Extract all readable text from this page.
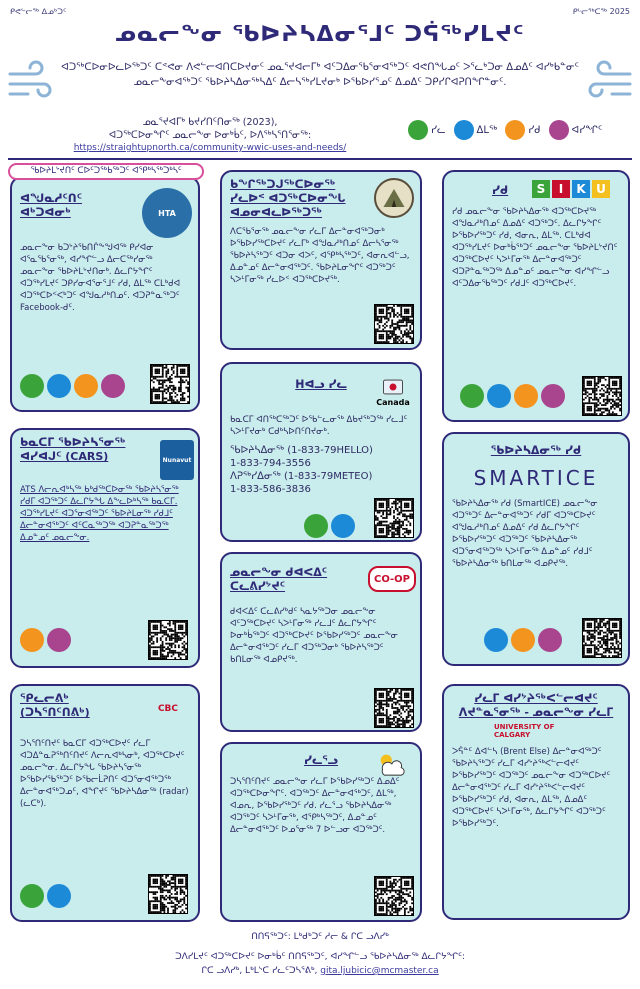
ᑭᕙᓪᓕᖅ ᐃᓄᒃᑐᑦ	ᑭᒡᓕᖅᑕᖅ 2025
ᓄᓇᓕᖕᓂ ᖃᐅᔨᓴᐃᓂᕐᒧᑦ ᑐᕌᖅᓯᒪᔪᑦ
ᐊᑐᖅᑕᐅᓂᐅᓚᐅᖅᑐᑦ ᑕᕝᕙᓂ ᐱᕙᓪᓕᐊᑎᑕᐅᔪᓂᑦ ᓄᓇᕐᔪᐊᓕᒥᒃ ᐊᑦᑐᐃᓂᖃᕐᓂᐊᖅᑐᑦ ᐊᕙᑎᖓᓄᑦ ᐳᕐᓚᒃᑐᓂ ᐃᓄᐃᑦ ᐊᓯᒃᑲᓐᓂᑦ ᓄᓇᓕᖕᓂᐊᖅᑐᑦ ᖃᐅᔨᓴᐃᓂᖅᓴᐃᑦ ᐃᓕᓴᖅᓯᒪᔪᓂᒃ ᐅᖃᐅᓯᕐᓄᑦ ᐃᓄᐃᑦ ᑐᑭᓯᒋᐊᕈᑎᖏᓐᓂᑦ.
ᓄᓇᕐᔪᐊᒥᒃ ᑲᔪᓯᑎᑦᑎᓂᖅ (2023),
ᐊᑐᖅᑕᐅᓂᖏᑦ ᓄᓇᓕᖕᓂ ᐅᓂᒃᑳᑦ, ᐅᐱᖅᓴᕐᑎᕐᓂᖅ:
https://straightupnorth.ca/community-wwic-uses-and-needs/
ᓯᓚ	ᐃᒪᖅ	ᓯᑯ	ᐊᓯᖏᑦ
ᖃᐅᔨᒪᔾᔪᑎᑦ ᑕᐅᑦᑐᖅᑲᖅᑐᑦ ᐊᕿᒃᓴᖅᑐᒃᓴᑦ
ᐊᖑᓇᓱᑦᑎᑦ ᐊᒃᑐᐊᓂᒃ	HTA
ᓄᓇᓕᖕᓂ ᑲᑐᔾᔨᖃᑎᒌᖕᖑᐊᖅ ᑭᓯᐊᓂ ᐊᕐᓇᖃᕐᓂᖅ, ᐊᓯᖏᓪᓗ ᐃᓕᑕᖅᓯᓂᖅ ᓄᓇᓕᖕᓂ ᖃᐅᔨᒪᔾᔪᑎᓂᒃ. ᐃᓚᒋᔭᖏᑦ ᐊᑐᖅᓯᒪᔪᑦ ᑐᑭᓯᓂᐊᕐᓂᕐᒧᑦ ᓯᑯ, ᐃᒪᖅ ᑕᒪᒃᑯᐊ ᐊᑐᖅᑕᐅᑉᐸᒃᑐᑦ ᐊᖑᓇᓱᒃᑎᓄᑦ. ᐊᑐᕈᓐᓇᖅᑐᑦ Facebook-ᑯᑦ.
ᑲᓇᑕᒥ ᖃᐅᔨᓴᕐᓂᖅ ᐊᓯᐊᒍᑦ (CARS)	Nunavut
ATS ᐱᓕᕆᐊᒃᓴᖅ ᑲᒃᑯᖅᑕᐅᓂᖅ ᖃᐅᔨᓴᕐᓂᖅ ᓯᑯᒥ ᐊᑐᖅᑐᑦ ᐃᓚᒋᔭᖓ ᐃᖕᓚᐅᒃᓴᖅ ᑲᓇᑕᒥ. ᐊᑐᖅᓯᒪᔪᑦ ᐊᑐᕐᓂᐊᖅᑐᑦ ᖃᐅᔨᒪᓂᖅ ᓯᑯᒧᑦ ᐃᓕᓐᓂᐊᖅᑐᑦ ᐊᑦᑕᓇᖅᑐᖅ ᐊᑐᕈᓐᓇᖅᑐᖅ ᐃᓄᓐᓄᑦ ᓄᓇᓕᖕᓂ.
ᕿᓚᓕᕕᒃ (ᑐᓴᕐᑎᑦᑎᕕᒃ)	CBC
ᑐᓴᕐᑎᑦᑎᔪᑦ ᑲᓇᑕᒥ ᐊᑐᖅᑕᐅᔪᑦ ᓯᓚᒥ ᐊᑐᐃᓐᓇᕈᖅᑎᑦᑎᔪᑦ ᐱᓕᕆᐊᒃᓴᓂᒃ, ᐊᑐᖅᑕᐅᔪᑦ ᓄᓇᓕᖕᓂ. ᐃᓚᒋᔭᖓ ᖃᐅᔨᓴᕐᓂᖅ ᐅᖃᐅᓯᖃᖅᑐᑦ ᐅᖃᓕᒫᕈᑎᑦ ᐊᑐᕐᓂᐊᖅᑐᖅ ᐃᓕᓐᓂᐊᖅᑐᓄᑦ, ᐊᖏᔪᑦ ᖃᐅᔨᓴᐃᓂᖅ (radar) (ᓚᑕᒃ).
ᑲᖏᖅᑐᒍᖅᑕᐅᓂᖅ ᓯᓚᐅᑉ ᐊᑐᖅᑕᐅᓂᖓ ᐊᓄᓂᐊᓚᐅᖅᑐᖅ
ᐱᑕᖃᕐᓂᖅ ᓄᓇᓕᖕᓂ ᓯᓚᒥ ᐃᓕᓐᓂᐊᖅᑐᓂᒃ ᐅᖃᐅᓯᖅᑕᐅᔪᑦ ᓯᓚᒥᒃ ᐊᖑᓇᓱᒃᑎᓄᑦ ᐃᓕᓴᕐᓂᖅ ᖃᐅᔨᓴᖅᑐᑦ ᐊᑐᓂ ᐊᐳᑦ, ᐊᕿᒃᓴᖅᑐᑦ, ᐊᓂᕆᐊᓪᓗ, ᐃᓄᓐᓄᑦ ᐃᓕᓐᓂᐊᖅᑐᑦ. ᖃᐅᔨᒪᓂᖏᑦ ᐊᑐᖅᑐᑦ ᓴᐳᒻᒥᓂᖅ ᓯᓚᐅᑉ ᐊᑐᖅᑕᐅᔪᖅ.
ᕼᐊᓗ ᓯᓚ
Canada
ᑲᓇᑕᒥ ᐊᑎᖅᑕᖅᑐᑦ ᐅᖃᓪᓚᓂᖅ ᐃᑲᔪᖅᑐᖅ ᓯᓚᒧᑦ ᓴᐳᒻᒥᔪᓂᒃ ᑕᑯᒃᓴᐅᑎᑦᑎᔪᓂᒃ.
ᖃᐅᔨᓴᐃᓂᖅ (1-833-79HELLO)
1-833-794-3556
ᐱᕈᖅᓯᐃᓂᖅ (1-833-79METEO)
1-833-586-3836
ᓄᓇᓕᖕᓂ ᑯᐊᐸᐃᑦ ᑕᓚᕕᓯᔾᔪᑦ
CO-OP
ᑯᐊᐸᐃᑦ ᑕᓚᕕᓯᒃᑯᑦ ᓴᓇᔭᖅᑐᓂ ᓄᓇᓕᖕᓂ ᐊᑦᑐᖅᑕᐅᔪᑦ ᓴᐳᒻᒥᓂᖅ ᓯᓚᒧᑦ ᐃᓚᒋᔭᖏᑦ ᐅᓂᒃᑳᖅᑐᑦ ᐊᑐᖅᑕᐅᔪᑦ ᐅᖃᐅᓯᖅᑐᑦ ᓄᓇᓕᖕᓂ ᐃᓕᓐᓂᐊᖅᑐᑦ ᓯᓚᒥ ᐊᑐᖅᑐᓂᒃ ᖃᐅᔨᓴᖅᑐᑦ ᑲᑎᒪᓂᖅ ᐊᓄᑭᔪᖅ.
ᓯᓚᕐᓗ
ᑐᓴᕐᑎᑦᑎᔪᑦ ᓄᓇᓕᖕᓂ ᓯᓚᒥ ᐅᖃᐅᓯᖅᑐᑦ ᐃᓄᐃᑦ ᐊᑐᖅᑕᐅᓂᖏᑦ. ᐊᑐᖅᑐᑦ ᐃᓕᓐᓂᐊᖅᑐᑦ, ᐃᒪᖅ, ᐊᓄᕆ, ᐅᖃᐅᓯᖅᑐᑦ ᓯᑯ. ᓯᓚᕐᓗ ᖃᐅᔨᓴᐃᓂᖅ ᐊᑐᖅᑐᑦ ᓴᐳᒻᒥᓂᖅ, ᐊᕿᒃᓴᖅᑐᑦ, ᐃᓄᓐᓄᑦ ᐃᓕᓐᓂᐊᖅᑐᑦ ᐅᓄᕐᓂᖅ 7 ᐅᓪᓗᓂ ᐊᑐᖅᑐᑦ.
ᓯᑯ	S	I	K U
ᓯᑯ ᓄᓇᓕᖕᓂ ᖃᐅᔨᓴᐃᓂᖅ ᐊᑐᖅᑕᐅᔪᖅ ᐊᖑᓇᓱᒃᑎᓄᑦ ᐃᓄᐃᑦ ᐊᑐᖅᑐᑦ. ᐃᓚᒋᔭᖏᑦ ᐅᖃᐅᓯᖅᑐᑦ ᓯᑯ, ᐊᓂᕆ, ᐃᒪᖅ. ᑕᒪᒃᑯᐊ ᐊᑐᖅᓯᒪᔪᑦ ᐅᓂᒃᑳᖅᑐᑦ ᓄᓇᓕᖕᓂ ᖃᐅᔨᒪᔾᔪᑎᑦ ᐊᑐᖅᑕᐅᔪᑦ ᓴᐳᒻᒥᓂᖅ ᐃᓕᓐᓂᐊᖅᑐᑦ ᐊᑐᕈᓐᓇᖅᑐᖅ ᐃᓄᓐᓄᑦ ᓄᓇᓕᖕᓂ ᐊᓯᖏᓪᓗ ᐊᑦᑐᐃᓂᖃᖅᑐᑦ ᓯᑯᒧᑦ ᐊᑐᖅᑕᐅᔪᑦ.
ᖃᐅᔨᓴᐃᓂᖅ ᓯᑯ
SMARTICE
ᖃᐅᔨᓴᐃᓂᖅ ᓯᑯ (SmartICE) ᓄᓇᓕᖕᓂ ᐊᑐᖅᑐᑦ ᐃᓕᓐᓂᐊᖅᑐᑦ ᓯᑯᒥ ᐊᑐᖅᑕᐅᔪᑦ ᐊᖑᓇᓱᒃᑎᓄᑦ ᐃᓄᐃᑦ ᓯᑯ ᐃᓚᒋᔭᖏᑦ ᐅᖃᐅᓯᖅᑐᑦ ᐊᑐᖅᑐᑦ ᖃᐅᔨᓴᐃᓂᖅ ᐊᑐᕐᓂᐊᖅᑐᖅ ᓴᐳᒻᒥᓂᖅ ᐃᓄᓐᓄᑦ ᓯᑯᒧᑦ ᖃᐅᔨᓴᐃᓂᖅ ᑲᑎᒪᓂᖅ ᐊᓄᑭᔪᖅ.
ᓯᓚᒥ ᐊᓯᔾᔨᖅᐸᓪᓕᐊᔪᑦ ᐱᔪᓐᓇᕐᓂᖅ - ᓄᓇᓕᖕᓂ ᓯᓚᒥ
UNIVERSITY OF CALGARY
ᐳᕌᓐᑦ ᐃᐊᓪᓴ (Brent Else) ᐃᓕᓐᓂᐊᖅᑐᑦ ᖃᐅᔨᓴᖅᑐᑦ ᓯᓚᒥ ᐊᓯᔾᔨᖅᐸᓪᓕᐊᔪᑦ ᐅᖃᐅᓯᖅᑐᑦ ᐊᑐᖅᑐᑦ ᓄᓇᓕᖕᓂ ᐊᑐᖅᑕᐅᔪᑦ ᐃᓕᓐᓂᐊᖅᑐᑦ ᓯᓚᒥ ᐊᓯᔾᔨᖅᐸᓪᓕᐊᔪᑦ ᐅᖃᐅᓯᖅᑐᑦ ᓯᑯ, ᐊᓂᕆ, ᐃᒪᖅ, ᐃᓄᐃᑦ ᐊᑐᖅᑕᐅᔪᑦ ᓴᐳᒻᒥᓂᖅ, ᐃᓚᒋᔭᖏᑦ ᐊᑐᖅᑐᑦ ᐅᖃᐅᓯᖅᑐᑦ.
ᑎᑎᕋᖅᑐᑦ: ᒪᒃᑯᒃᑐᑦ ᓱᓕ & ᒋᑕ ᓗᐱᓯᒃ
ᑐᐱᓯᒪᔪᑦ ᐊᑐᖅᑕᐅᔪᑦ ᐅᓂᒃᑳᑦ ᑎᑎᕋᖅᑐᑦ, ᐊᓯᖏᓪᓗ ᖃᐅᔨᓴᐃᓂᖅ ᐃᓚᒋᔭᖏᑦ:
ᒋᑕ ᓗᐱᓯᒃ, ᒪᒃᒪᔅᑕ ᓯᓚᑦᑐᓴᕐᕕᒃ, gita.ljubicic@mcmaster.ca
